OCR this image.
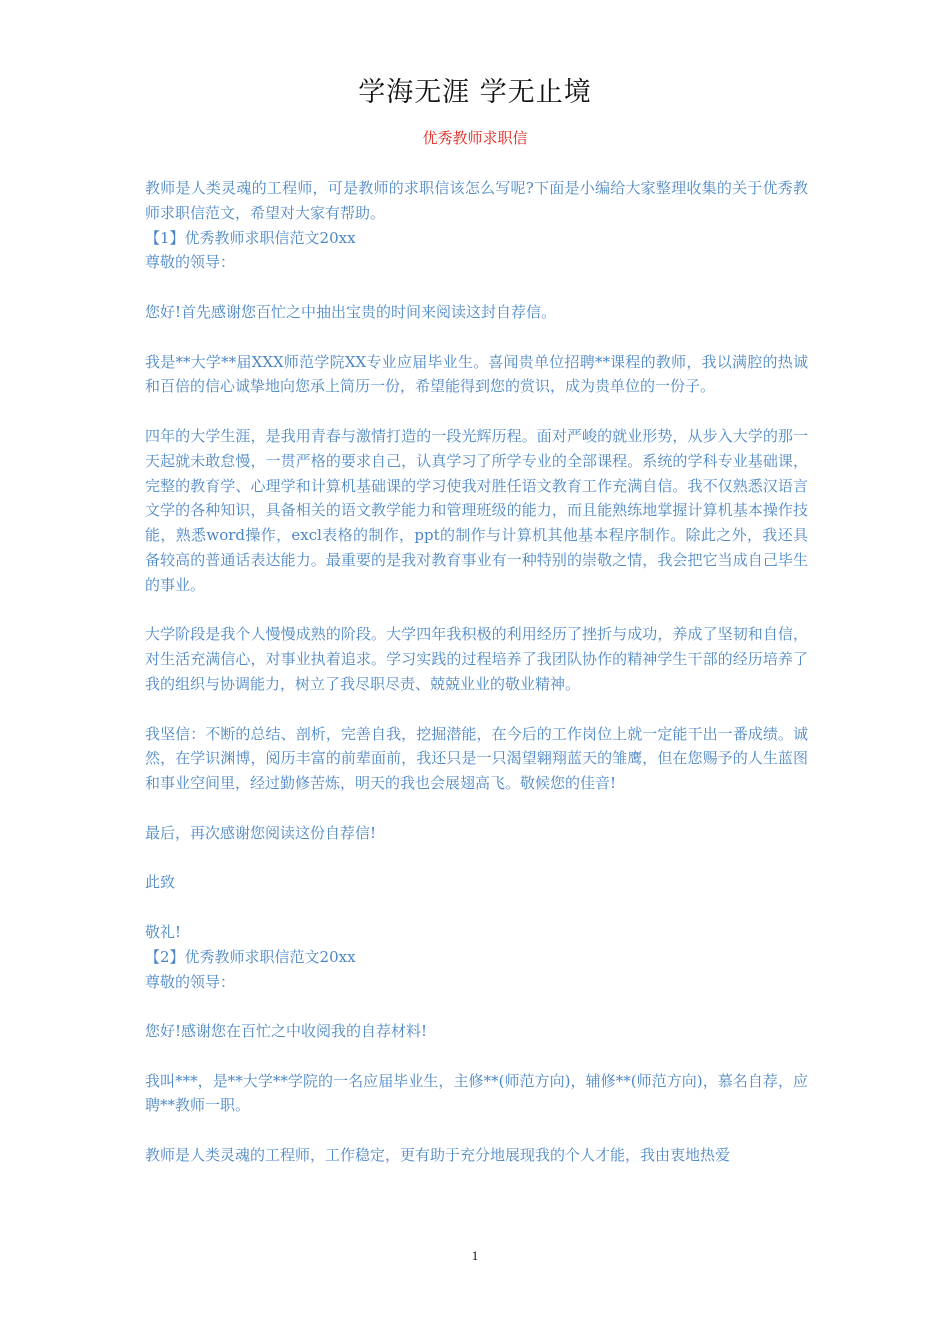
学海无涯 学无止境
优秀教师求职信

教师是人类灵魂的工程师，可是教师的求职信该怎么写呢?下面是小编给大家整理收集的关于优秀教师求职信范文，希望对大家有帮助。

【1】优秀教师求职信范文20xx

尊敬的领导：

您好!首先感谢您百忙之中抽出宝贵的时间来阅读这封自荐信。

我是**大学**届XXX师范学院XX专业应届毕业生。喜闻贵单位招聘**课程的教师，我以满腔的热诚和百倍的信心诚挚地向您承上简历一份，希望能得到您的赏识，成为贵单位的一份子。

四年的大学生涯，是我用青春与激情打造的一段光辉历程。面对严峻的就业形势，从步入大学的那一天起就未敢怠慢，一贯严格的要求自己，认真学习了所学专业的全部课程。系统的学科专业基础课，完整的教育学、心理学和计算机基础课的学习使我对胜任语文教育工作充满自信。我不仅熟悉汉语言文学的各种知识，具备相关的语文教学能力和管理班级的能力，而且能熟练地掌握计算机基本操作技能，熟悉word操作，excl表格的制作，ppt的制作与计算机其他基本程序制作。除此之外，我还具备较高的普通话表达能力。最重要的是我对教育事业有一种特别的崇敬之情，我会把它当成自己毕生的事业。

大学阶段是我个人慢慢成熟的阶段。大学四年我积极的利用经历了挫折与成功，养成了坚韧和自信，对生活充满信心，对事业执着追求。学习实践的过程培养了我团队协作的精神学生干部的经历培养了我的组织与协调能力，树立了我尽职尽责、兢兢业业的敬业精神。

我坚信：不断的总结、剖析，完善自我，挖掘潜能，在今后的工作岗位上就一定能干出一番成绩。诚然，在学识渊博，阅历丰富的前辈面前，我还只是一只渴望翱翔蓝天的雏鹰，但在您赐予的人生蓝图和事业空间里，经过勤修苦炼，明天的我也会展翅高飞。敬候您的佳音!

最后，再次感谢您阅读这份自荐信!

此致

敬礼!

【2】优秀教师求职信范文20xx

尊敬的领导：

您好!感谢您在百忙之中收阅我的自荐材料!

我叫***，是**大学**学院的一名应届毕业生，主修**(师范方向)，辅修**(师范方向)，慕名自荐，应聘**教师一职。

教师是人类灵魂的工程师，工作稳定，更有助于充分地展现我的个人才能，我由衷地热爱

1
